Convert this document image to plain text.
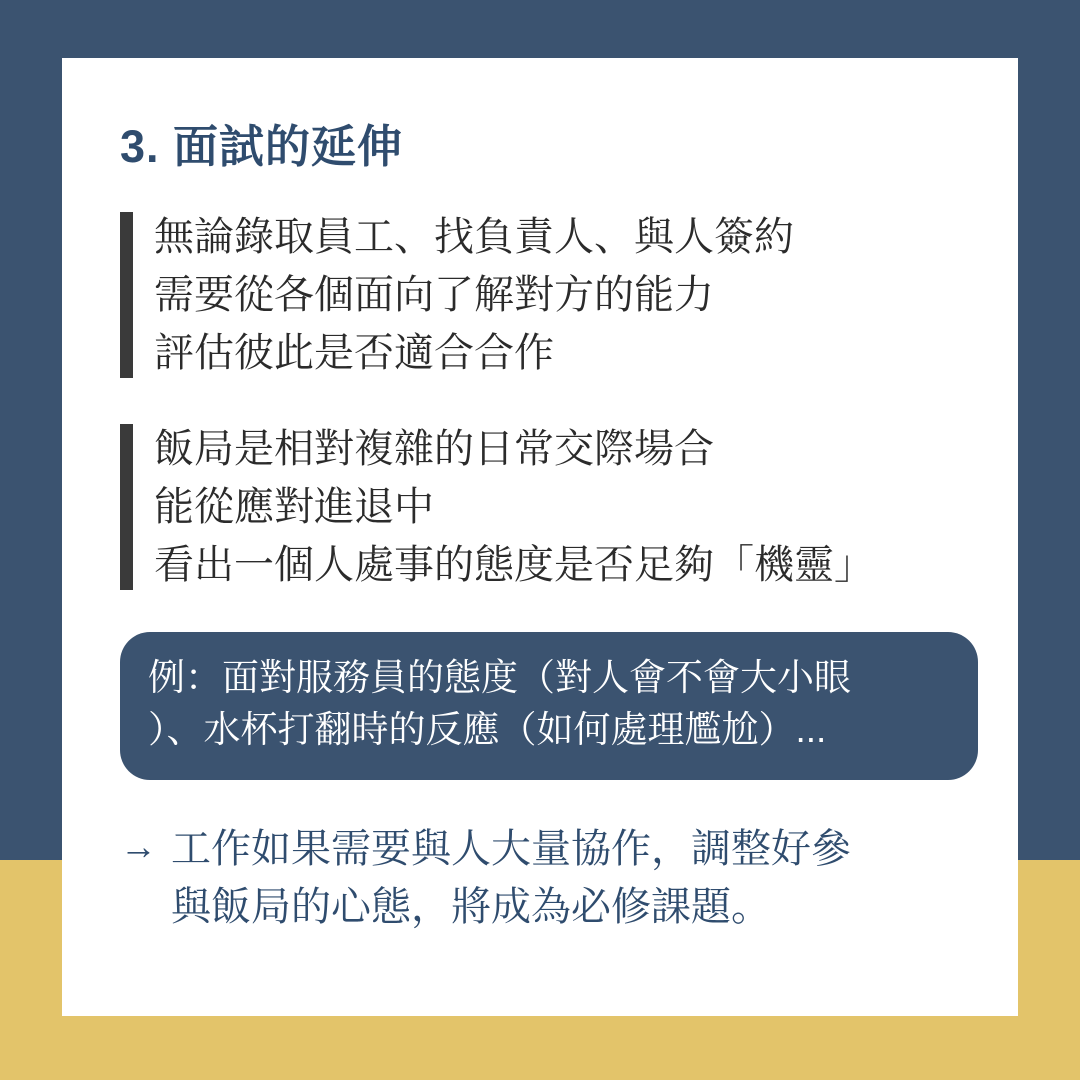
3. 面試的延伸
無論錄取員工、找負責人、與人簽約
需要從各個面向了解對方的能力
評估彼此是否適合合作
飯局是相對複雜的日常交際場合
能從應對進退中
看出一個人處事的態度是否足夠「機靈」
例：面對服務員的態度（對人會不會大小眼
）、水杯打翻時的反應（如何處理尷尬）...
→ 工作如果需要與人大量協作，調整好參
與飯局的心態，將成為必修課題。
